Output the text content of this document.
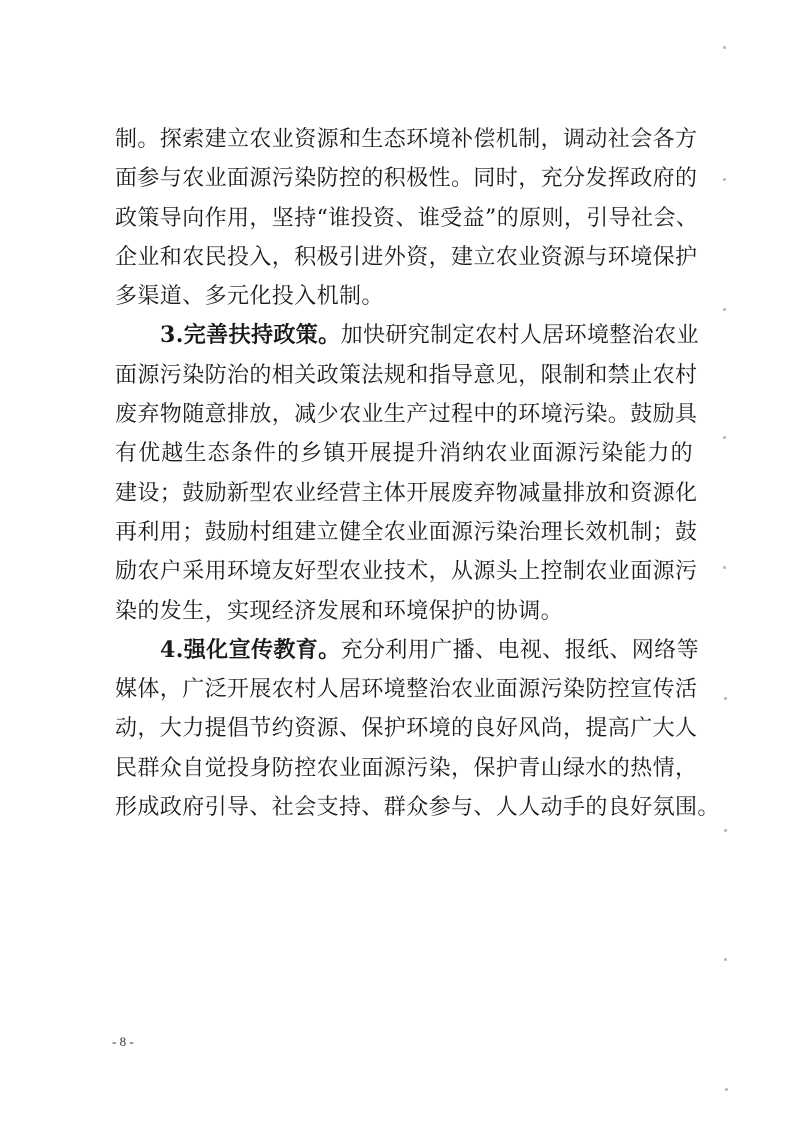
制。探索建立农业资源和生态环境补偿机制，调动社会各方
面参与农业面源污染防控的积极性。同时，充分发挥政府的
政策导向作用，坚持“谁投资、谁受益”的原则，引导社会、
企业和农民投入，积极引进外资，建立农业资源与环境保护
多渠道、多元化投入机制。
3.完善扶持政策。加快研究制定农村人居环境整治农业
面源污染防治的相关政策法规和指导意见，限制和禁止农村
废弃物随意排放，减少农业生产过程中的环境污染。鼓励具
有优越生态条件的乡镇开展提升消纳农业面源污染能力的
建设；鼓励新型农业经营主体开展废弃物减量排放和资源化
再利用；鼓励村组建立健全农业面源污染治理长效机制；鼓
励农户采用环境友好型农业技术，从源头上控制农业面源污
染的发生，实现经济发展和环境保护的协调。
4.强化宣传教育。充分利用广播、电视、报纸、网络等
媒体，广泛开展农村人居环境整治农业面源污染防控宣传活
动，大力提倡节约资源、保护环境的良好风尚，提高广大人
民群众自觉投身防控农业面源污染，保护青山绿水的热情，
形成政府引导、社会支持、群众参与、人人动手的良好氛围。
- 8 -
